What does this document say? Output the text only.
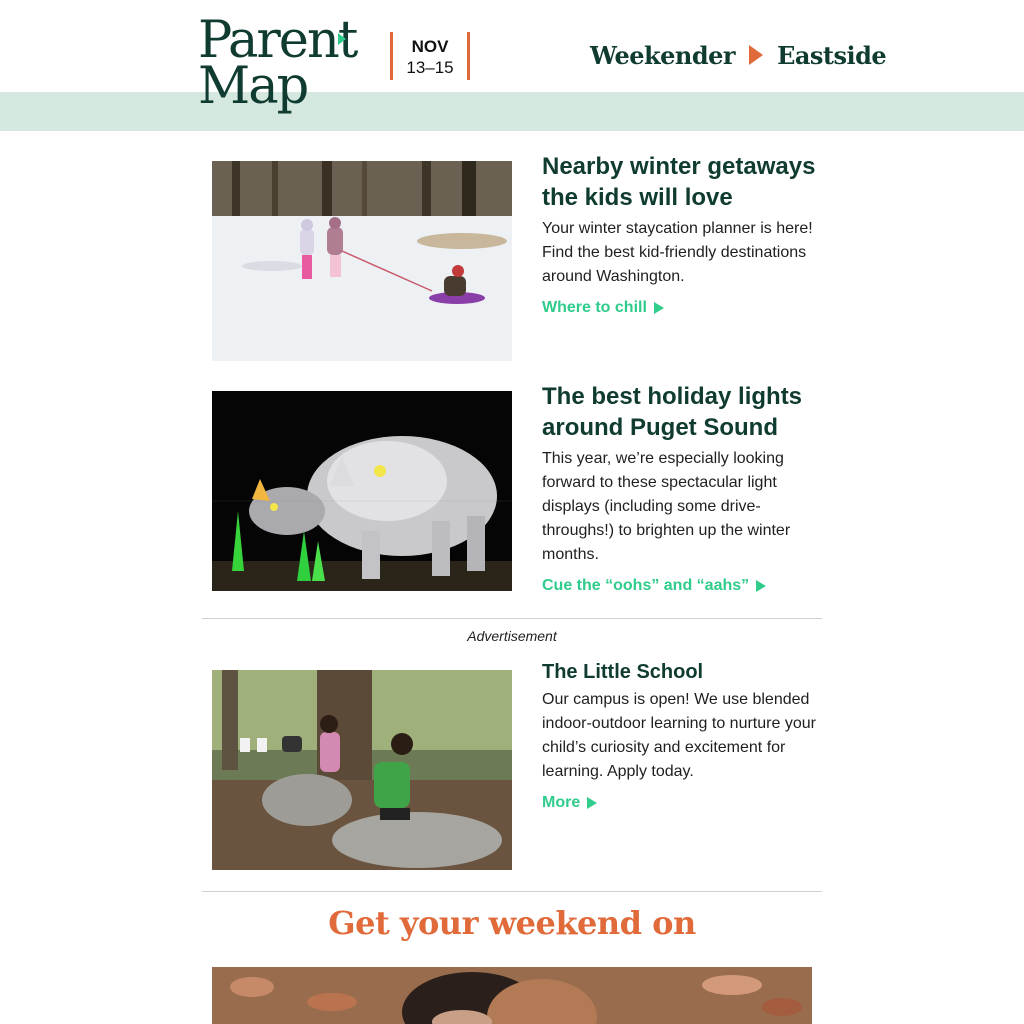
Parent
Map
NOV
13–15	Weekender Eastside
Nearby winter getaways the kids will love
Your winter staycation planner is here! Find the best kid-friendly destinations around Washington.
Where to chill
The best holiday lights around Puget Sound
This year, we’re especially looking forward to these spectacular light displays (including some drive-throughs!) to brighten up the winter months.
Cue the “oohs” and “aahs”
Advertisement
The Little School
Our campus is open! We use blended indoor-outdoor learning to nurture your child’s curiosity and excitement for learning. Apply today.
More
Get your weekend on
